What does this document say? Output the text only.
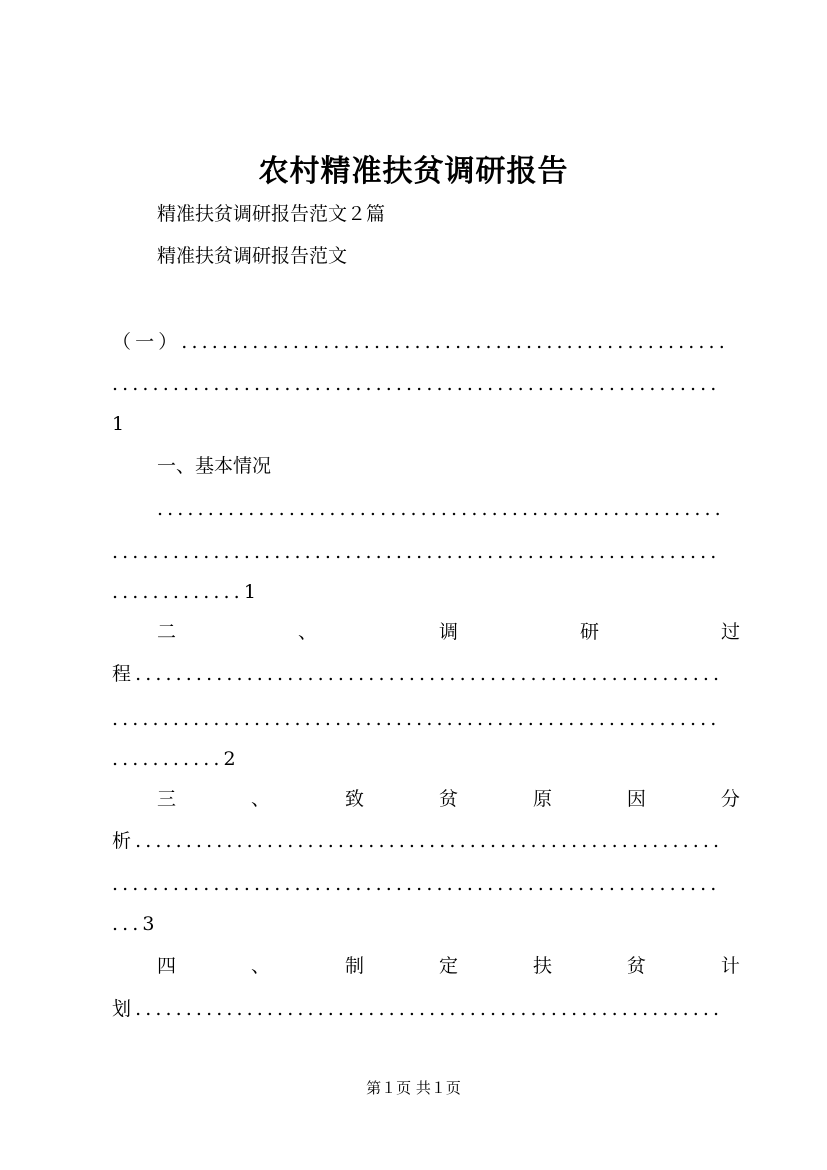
农村精准扶贫调研报告
精准扶贫调研报告范文２篇
精准扶贫调研报告范文
（一）......................................................
............................................................
1
一、基本情况
........................................................
............................................................
.............1
二	、	调	研	过
程..........................................................
............................................................
...........2
三	、	致	贫	原	因	分
析..........................................................
............................................................
...3
四	、	制	定	扶	贫	计
划..........................................................
第１页 共１页
